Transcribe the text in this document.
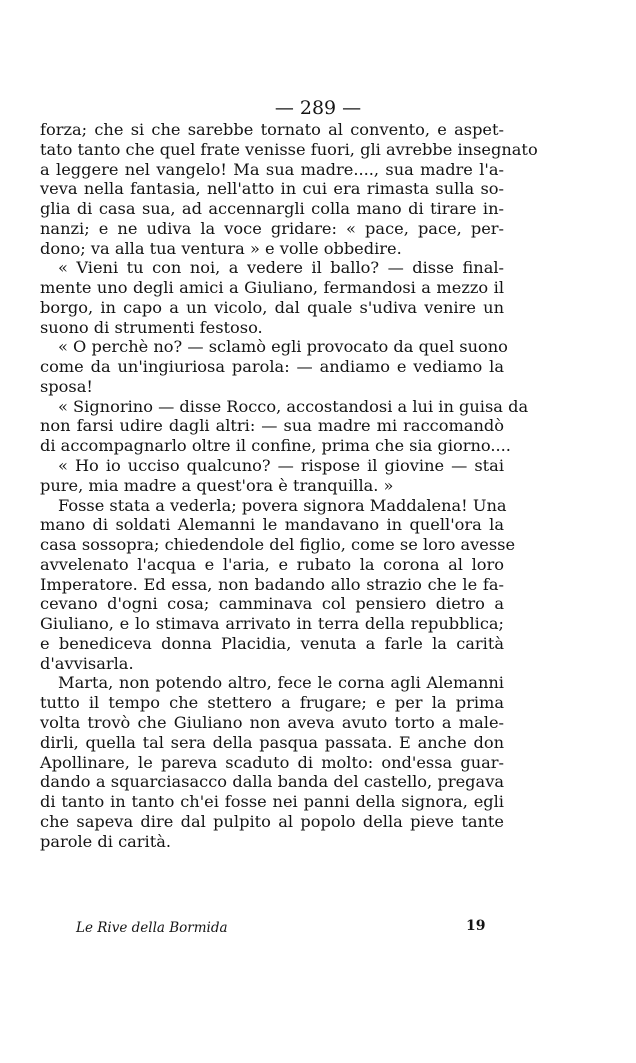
— 289 —
forza; che si che sarebbe tornato al convento, e aspet-
tato tanto che quel frate venisse fuori, gli avrebbe insegnato
a leggere nel vangelo! Ma sua madre...., sua madre l'a-
veva nella fantasia, nell'atto in cui era rimasta sulla so-
glia di casa sua, ad accennargli colla mano di tirare in-
nanzi; e ne udiva la voce gridare: « pace, pace, per-
dono; va alla tua ventura » e volle obbedire.
« Vieni tu con noi, a vedere il ballo? — disse final-
mente uno degli amici a Giuliano, fermandosi a mezzo il
borgo, in capo a un vicolo, dal quale s'udiva venire un
suono di strumenti festoso.
« O perchè no? — sclamò egli provocato da quel suono
come da un'ingiuriosa parola: — andiamo e vediamo la
sposa!
« Signorino — disse Rocco, accostandosi a lui in guisa da
non farsi udire dagli altri: — sua madre mi raccomandò
di accompagnarlo oltre il confine, prima che sia giorno....
« Ho io ucciso qualcuno? — rispose il giovine — stai
pure, mia madre a quest'ora è tranquilla. »
Fosse stata a vederla; povera signora Maddalena! Una
mano di soldati Alemanni le mandavano in quell'ora la
casa sossopra; chiedendole del figlio, come se loro avesse
avvelenato l'acqua e l'aria, e rubato la corona al loro
Imperatore. Ed essa, non badando allo strazio che le fa-
cevano d'ogni cosa; camminava col pensiero dietro a
Giuliano, e lo stimava arrivato in terra della repubblica;
e benediceva donna Placidia, venuta a farle la carità
d'avvisarla.
Marta, non potendo altro, fece le corna agli Alemanni
tutto il tempo che stettero a frugare; e per la prima
volta trovò che Giuliano non aveva avuto torto a male-
dirli, quella tal sera della pasqua passata. E anche don
Apollinare, le pareva scaduto di molto: ond'essa guar-
dando a squarciasacco dalla banda del castello, pregava
di tanto in tanto ch'ei fosse nei panni della signora, egli
che sapeva dire dal pulpito al popolo della pieve tante
parole di carità.
Le Rive della Bormida	19
